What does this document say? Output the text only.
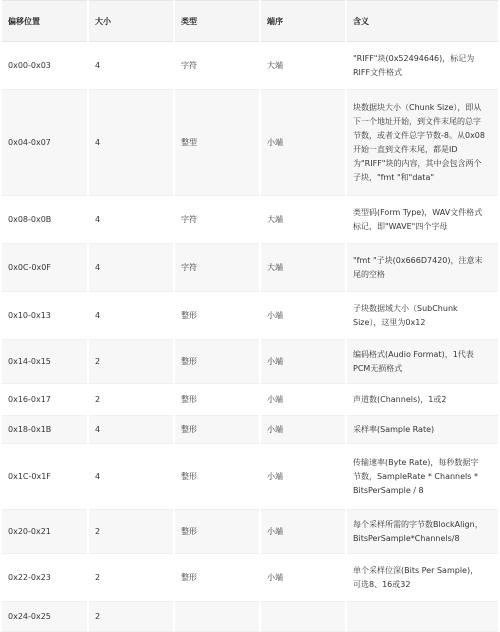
偏移位置	大小	类型	端序	含义
0x00-0x03	4	字符	大端	"RIFF"块(0x52494646)，标记为RIFF文件格式
0x04-0x07	4	整型	小端	块数据块大小（Chunk Size），即从下一个地址开始，到文件末尾的总字节数，或者文件总字节数-8。从0x08开始一直到文件末尾，都是ID为"RIFF"块的内容，其中会包含两个子块，"fmt "和"data"
0x08-0x0B	4	字符	大端	类型码(Form Type)，WAV文件格式标记，即"WAVE"四个字母
0x0C-0x0F	4	字符	大端	"fmt "子块(0x666D7420)，注意末尾的空格
0x10-0x13	4	整形	小端	子块数据域大小（SubChunk Size），这里为0x12
0x14-0x15	2	整形	小端	编码格式(Audio Format)，1代表PCM无损格式
0x16-0x17	2	整形	小端	声道数(Channels)，1或2
0x18-0x1B	4	整形	小端	采样率(Sample Rate)
0x1C-0x1F	4	整形	小端	传输速率(Byte Rate)，每秒数据字节数，SampleRate * Channels * BitsPerSample / 8
0x20-0x21	2	整形	小端	每个采样所需的字节数BlockAlign，BitsPerSample*Channels/8
0x22-0x23	2	整形	小端	单个采样位深(Bits Per Sample)，可选8、16或32
0x24-0x25	2			
